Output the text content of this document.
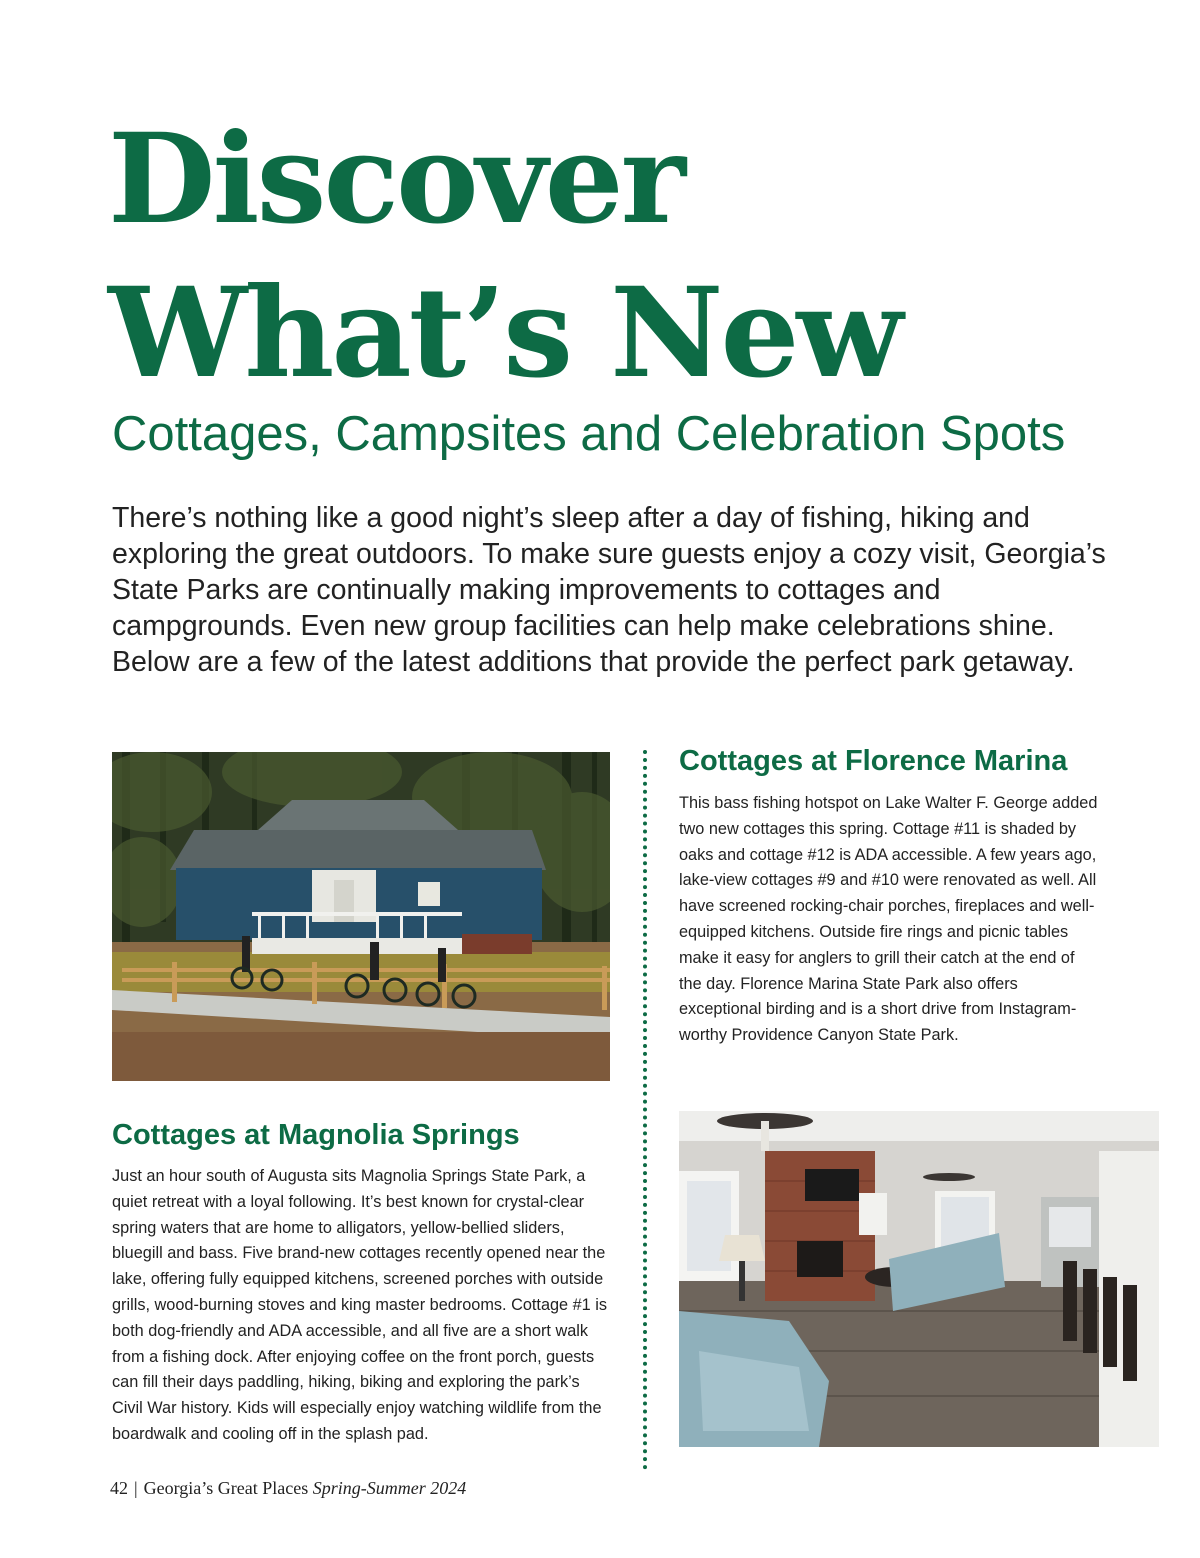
Discover
What’s New
Cottages, Campsites and Celebration Spots

There’s nothing like a good night’s sleep after a day of fishing, hiking and exploring the great outdoors. To make sure guests enjoy a cozy visit, Georgia’s State Parks are continually making improvements to cottages and campgrounds. Even new group facilities can help make celebrations shine. Below are a few of the latest additions that provide the perfect park getaway.

Cottages at Florence Marina

This bass fishing hotspot on Lake Walter F. George added two new cottages this spring. Cottage #11 is shaded by oaks and cottage #12 is ADA accessible. A few years ago, lake-view cottages #9 and #10 were renovated as well. All have screened rocking-chair porches, fireplaces and well-equipped kitchens. Outside fire rings and picnic tables make it easy for anglers to grill their catch at the end of the day. Florence Marina State Park also offers exceptional birding and is a short drive from Instagram-worthy Providence Canyon State Park.

Cottages at Magnolia Springs

Just an hour south of Augusta sits Magnolia Springs State Park, a quiet retreat with a loyal following. It’s best known for crystal-clear spring waters that are home to alligators, yellow-bellied sliders, bluegill and bass. Five brand-new cottages recently opened near the lake, offering fully equipped kitchens, screened porches with outside grills, wood-burning stoves and king master bedrooms. Cottage #1 is both dog-friendly and ADA accessible, and all five are a short walk from a fishing dock. After enjoying coffee on the front porch, guests can fill their days paddling, hiking, biking and exploring the park’s Civil War history. Kids will especially enjoy watching wildlife from the boardwalk and cooling off in the splash pad.

42 | Georgia’s Great Places Spring-Summer 2024
